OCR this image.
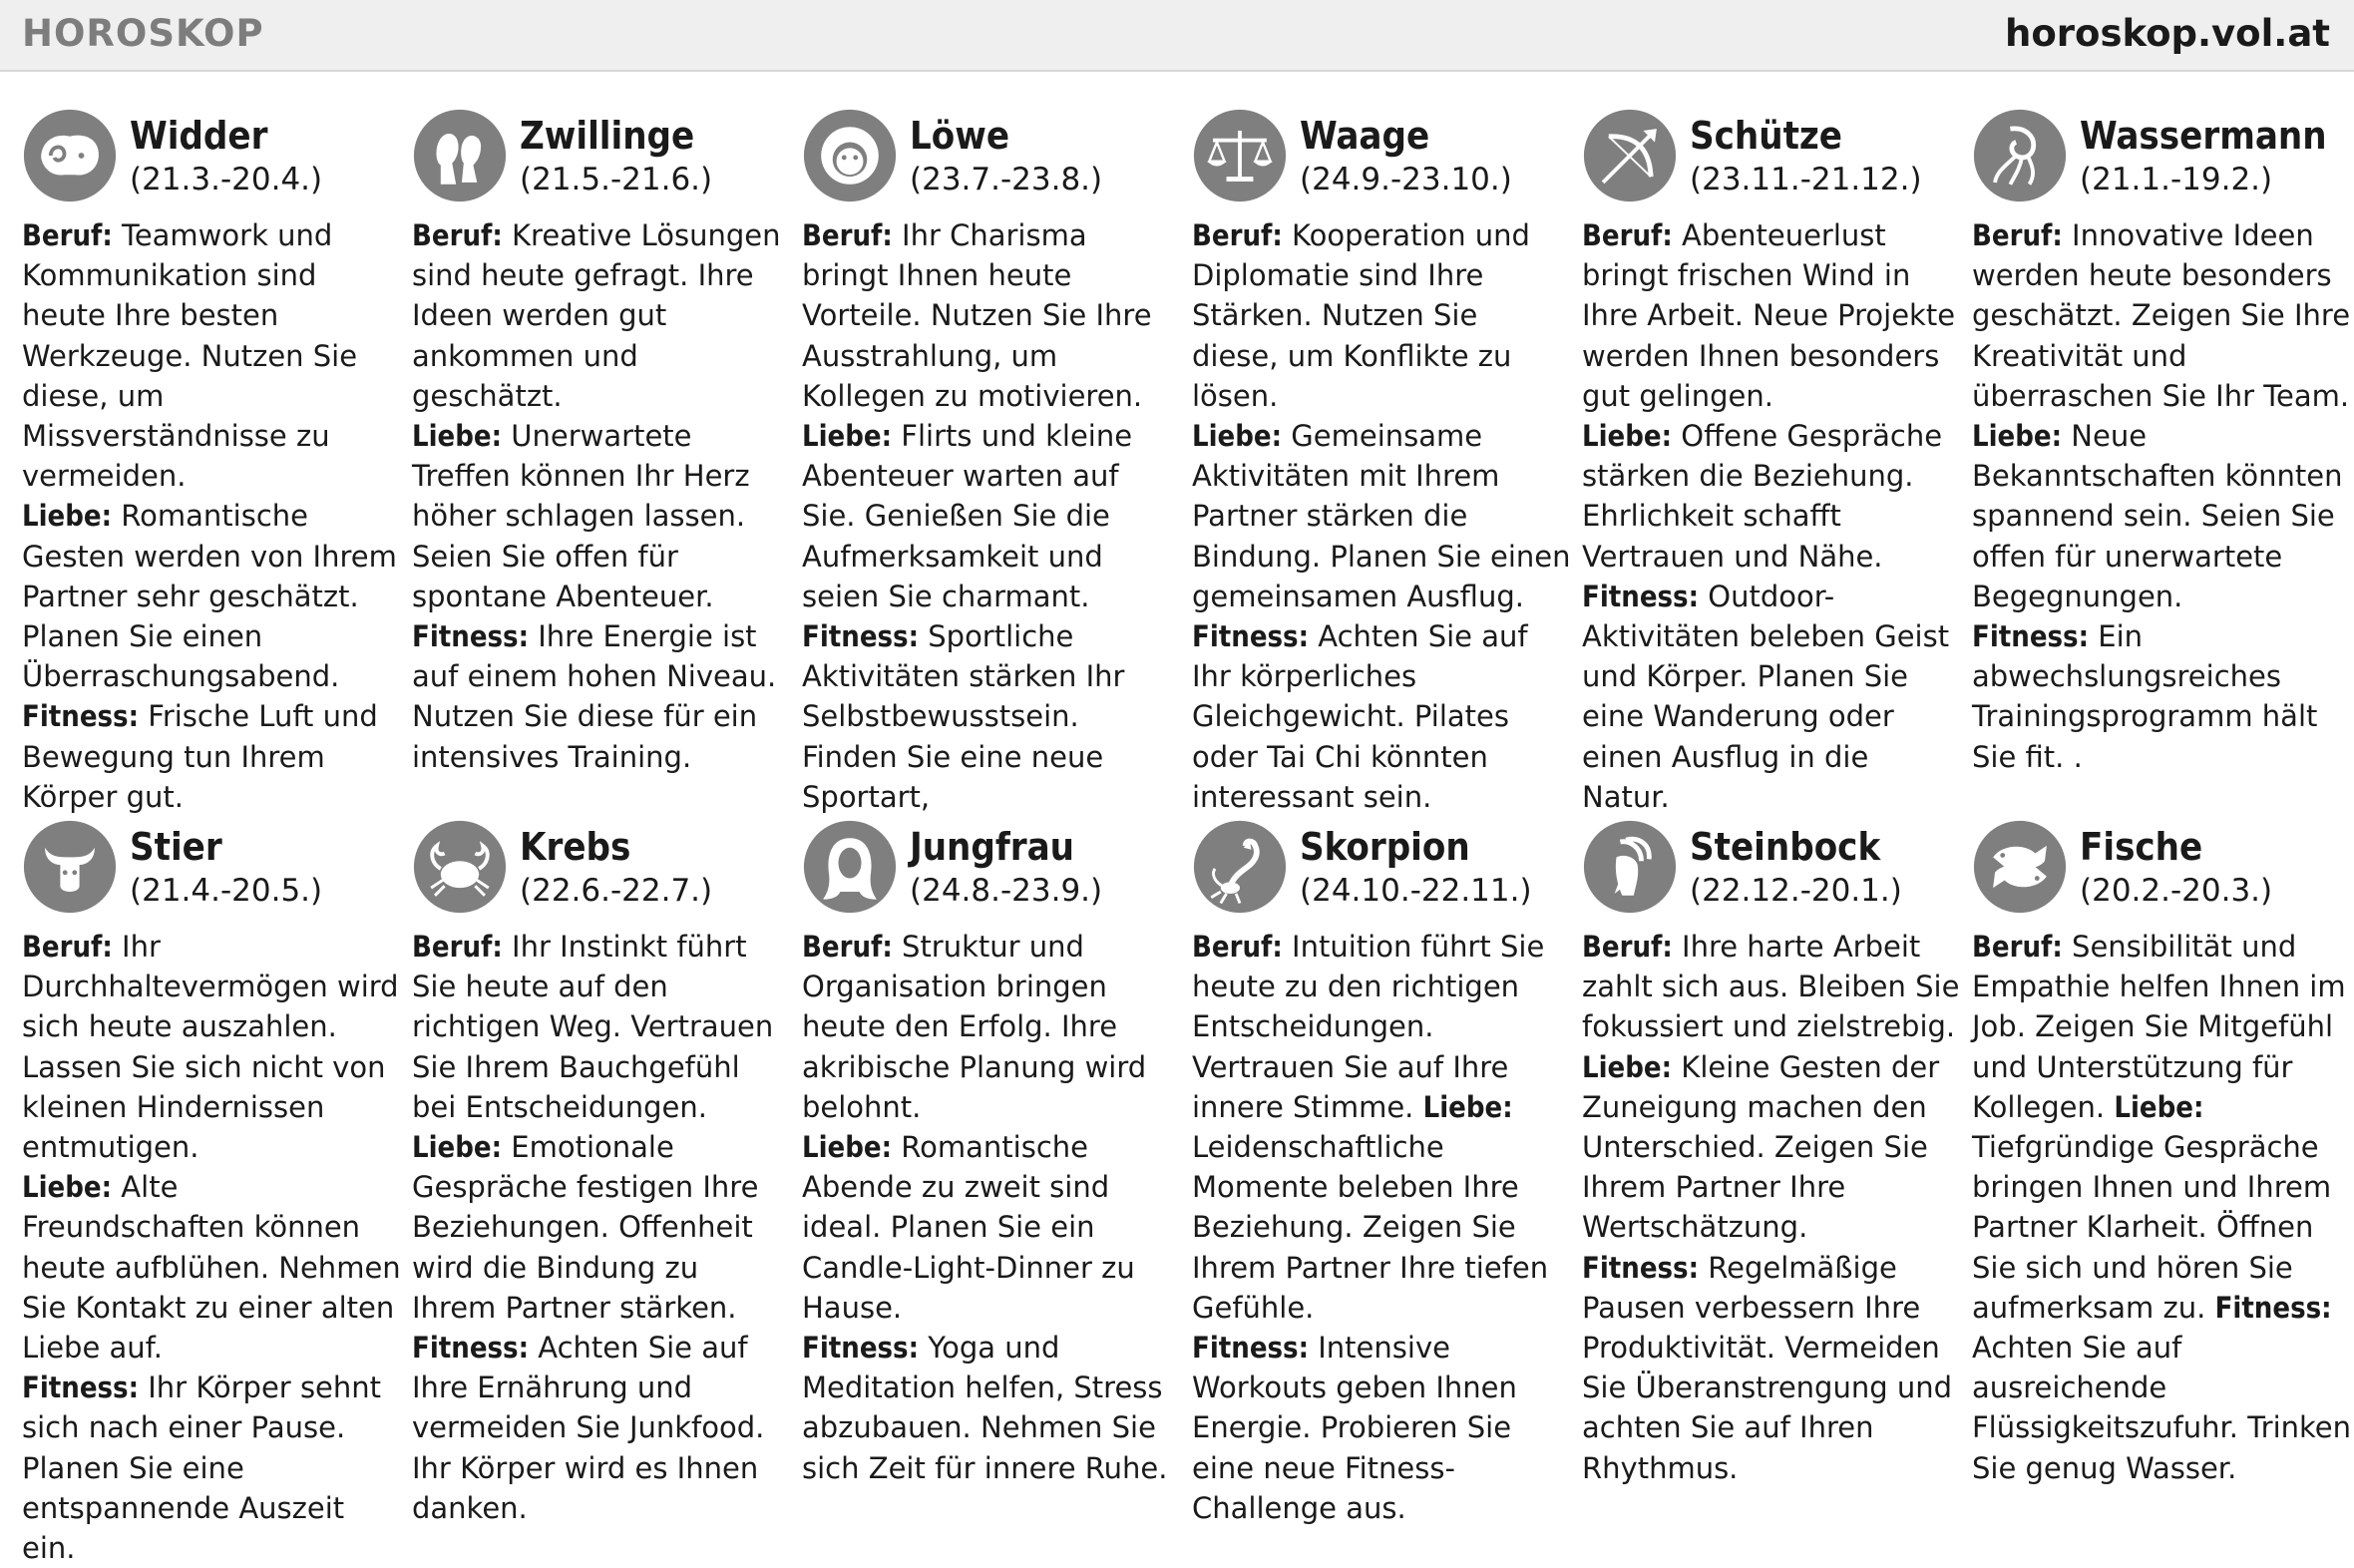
HOROSKOP	horoskop.vol.at
Widder
(21.3.-20.4.)

Beruf: Teamwork und Kommunikation sind heute Ihre besten Werkzeuge. Nutzen Sie diese, um Missverständnisse zu vermeiden.

Liebe: Romantische Gesten werden von Ihrem Partner sehr geschätzt. Planen Sie einen Überraschungsabend.

Fitness: Frische Luft und Bewegung tun Ihrem Körper gut.

Zwillinge
(21.5.-21.6.)

Beruf: Kreative Lösungen sind heute gefragt. Ihre Ideen werden gut ankommen und geschätzt.

Liebe: Unerwartete Treffen können Ihr Herz höher schlagen lassen. Seien Sie offen für spontane Abenteuer.

Fitness: Ihre Energie ist auf einem hohen Niveau. Nutzen Sie diese für ein intensives Training.

Löwe
(23.7.-23.8.)

Beruf: Ihr Charisma bringt Ihnen heute Vorteile. Nutzen Sie Ihre Ausstrahlung, um Kollegen zu motivieren.

Liebe: Flirts und kleine Abenteuer warten auf Sie. Genießen Sie die Aufmerksamkeit und seien Sie charmant.

Fitness: Sportliche Aktivitäten stärken Ihr Selbstbewusstsein. Finden Sie eine neue Sportart,

Waage
(24.9.-23.10.)

Beruf: Kooperation und Diplomatie sind Ihre Stärken. Nutzen Sie diese, um Konflikte zu lösen.

Liebe: Gemeinsame Aktivitäten mit Ihrem Partner stärken die Bindung. Planen Sie einen gemeinsamen Ausflug.

Fitness: Achten Sie auf Ihr körperliches Gleichgewicht. Pilates oder Tai Chi könnten interessant sein.

Schütze
(23.11.-21.12.)

Beruf: Abenteuerlust bringt frischen Wind in Ihre Arbeit. Neue Projekte werden Ihnen besonders gut gelingen.

Liebe: Offene Gespräche stärken die Beziehung. Ehrlichkeit schafft Vertrauen und Nähe.

Fitness: Outdoor-Aktivitäten beleben Geist und Körper. Planen Sie eine Wanderung oder einen Ausflug in die Natur.

Wassermann
(21.1.-19.2.)

Beruf: Innovative Ideen werden heute besonders geschätzt. Zeigen Sie Ihre Kreativität und überraschen Sie Ihr Team.

Liebe: Neue Bekanntschaften könnten spannend sein. Seien Sie offen für unerwartete Begegnungen.

Fitness: Ein abwechslungsreiches Trainingsprogramm hält Sie fit. .

Stier
(21.4.-20.5.)

Beruf: Ihr Durchhaltevermögen wird sich heute auszahlen. Lassen Sie sich nicht von kleinen Hindernissen entmutigen.

Liebe: Alte Freundschaften können heute aufblühen. Nehmen Sie Kontakt zu einer alten Liebe auf.

Fitness: Ihr Körper sehnt sich nach einer Pause. Planen Sie eine entspannende Auszeit ein.

Krebs
(22.6.-22.7.)

Beruf: Ihr Instinkt führt Sie heute auf den richtigen Weg. Vertrauen Sie Ihrem Bauchgefühl bei Entscheidungen. Liebe: Emotionale Gespräche festigen Ihre Beziehungen. Offenheit wird die Bindung zu Ihrem Partner stärken. Fitness: Achten Sie auf Ihre Ernährung und vermeiden Sie Junkfood. Ihr Körper wird es Ihnen danken.

Jungfrau
(24.8.-23.9.)

Beruf: Struktur und Organisation bringen heute den Erfolg. Ihre akribische Planung wird belohnt.

Liebe: Romantische Abende zu zweit sind ideal. Planen Sie ein Candle-Light-Dinner zu Hause.

Fitness: Yoga und Meditation helfen, Stress abzubauen. Nehmen Sie sich Zeit für innere Ruhe.

Skorpion
(24.10.-22.11.)

Beruf: Intuition führt Sie heute zu den richtigen Entscheidungen. Vertrauen Sie auf Ihre innere Stimme. Liebe: Leidenschaftliche Momente beleben Ihre Beziehung. Zeigen Sie Ihrem Partner Ihre tiefen Gefühle.

Fitness: Intensive Workouts geben Ihnen Energie. Probieren Sie eine neue Fitness-Challenge aus.

Steinbock
(22.12.-20.1.)

Beruf: Ihre harte Arbeit zahlt sich aus. Bleiben Sie fokussiert und zielstrebig. Liebe: Kleine Gesten der Zuneigung machen den Unterschied. Zeigen Sie Ihrem Partner Ihre Wertschätzung.

Fitness: Regelmäßige Pausen verbessern Ihre Produktivität. Vermeiden Sie Überanstrengung und achten Sie auf Ihren Rhythmus.

Fische
(20.2.-20.3.)

Beruf: Sensibilität und Empathie helfen Ihnen im Job. Zeigen Sie Mitgefühl und Unterstützung für Kollegen. Liebe: Tiefgründige Gespräche bringen Ihnen und Ihrem Partner Klarheit. Öffnen Sie sich und hören Sie aufmerksam zu. Fitness: Achten Sie auf ausreichende Flüssigkeitszufuhr. Trinken Sie genug Wasser.
